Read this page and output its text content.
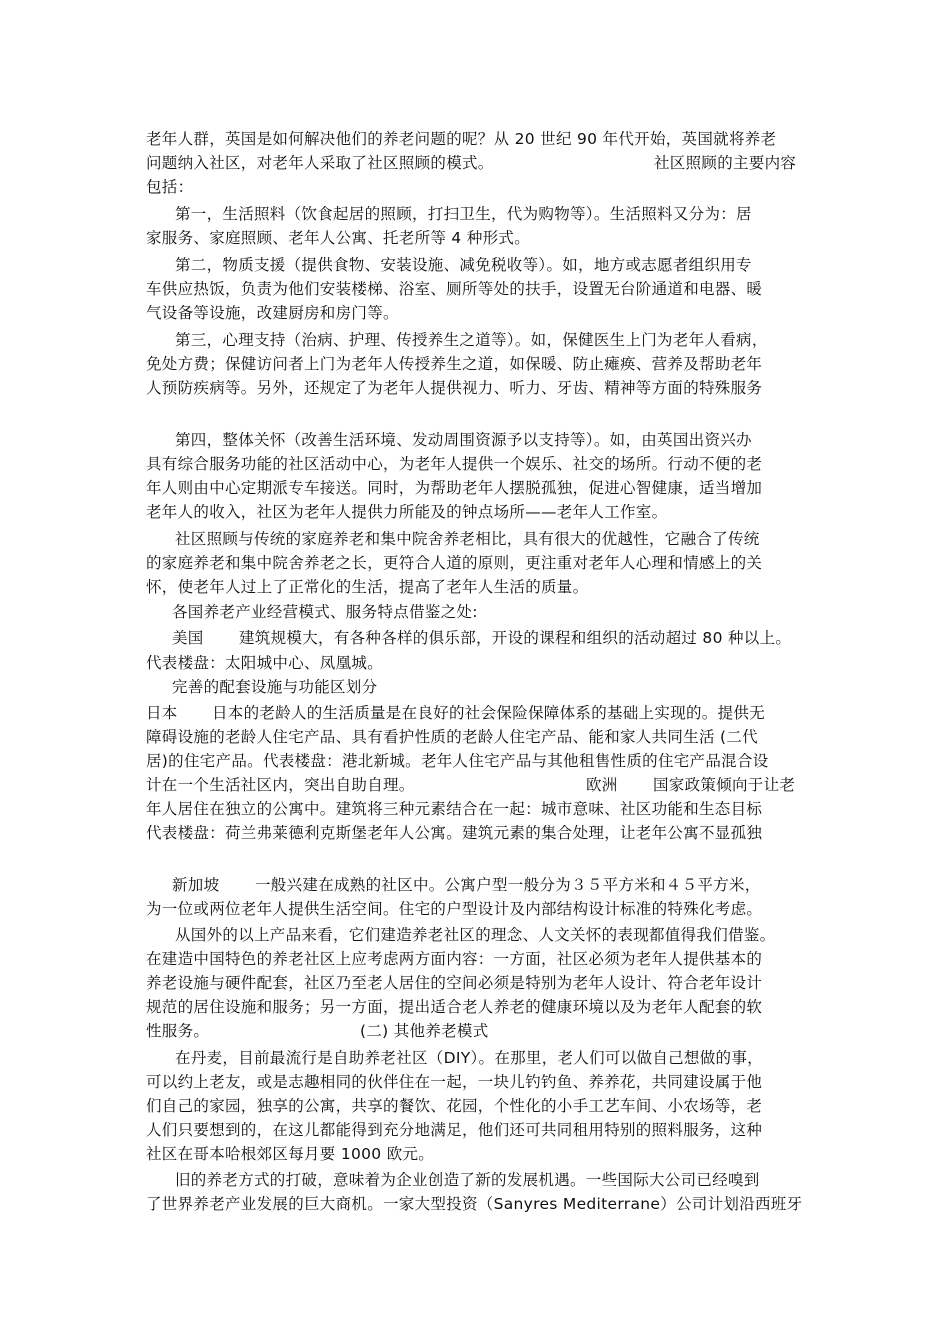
老年人群，英国是如何解决他们的养老问题的呢？从 20 世纪 90 年代开始，英国就将养老

问题纳入社区，对老年人采取了社区照顾的模式。	社区照顾的主要内容

包括：

第一，生活照料（饮食起居的照顾，打扫卫生，代为购物等）。生活照料又分为：居

家服务、家庭照顾、老年人公寓、托老所等 4 种形式。

第二，物质支援（提供食物、安装设施、减免税收等）。如，地方或志愿者组织用专

车供应热饭，负责为他们安装楼梯、浴室、厕所等处的扶手，设置无台阶通道和电器、暖

气设备等设施，改建厨房和房门等。

第三，心理支持（治病、护理、传授养生之道等）。如，保健医生上门为老年人看病，

免处方费；保健访问者上门为老年人传授养生之道，如保暖、防止瘫痪、营养及帮助老年

人预防疾病等。另外，还规定了为老年人提供视力、听力、牙齿、精神等方面的特殊服务

第四，整体关怀（改善生活环境、发动周围资源予以支持等）。如，由英国出资兴办

具有综合服务功能的社区活动中心，为老年人提供一个娱乐、社交的场所。行动不便的老

年人则由中心定期派专车接送。同时，为帮助老年人摆脱孤独，促进心智健康，适当增加

老年人的收入，社区为老年人提供力所能及的钟点场所——老年人工作室。

社区照顾与传统的家庭养老和集中院舍养老相比，具有很大的优越性，它融合了传统

的家庭养老和集中院舍养老之长，更符合人道的原则，更注重对老年人心理和情感上的关

怀，使老年人过上了正常化的生活，提高了老年人生活的质量。

各国养老产业经营模式、服务特点借鉴之处:

美国 建筑规模大，有各种各样的俱乐部，开设的课程和组织的活动超过 80 种以上。

代表楼盘：太阳城中心、凤凰城。

完善的配套设施与功能区划分

日本 日本的老龄人的生活质量是在良好的社会保险保障体系的基础上实现的。提供无

障碍设施的老龄人住宅产品、具有看护性质的老龄人住宅产品、能和家人共同生活 (二代

居)的住宅产品。代表楼盘：港北新城。老年人住宅产品与其他租售性质的住宅产品混合设

计在一个生活社区内，突出自助自理。	欧洲 国家政策倾向于让老

年人居住在独立的公寓中。建筑将三种元素结合在一起：城市意味、社区功能和生态目标

代表楼盘：荷兰弗莱德利克斯堡老年人公寓。建筑元素的集合处理，让老年公寓不显孤独

新加坡 一般兴建在成熟的社区中。公寓户型一般分为３５平方米和４５平方米，

为一位或两位老年人提供生活空间。住宅的户型设计及内部结构设计标准的特殊化考虑。

从国外的以上产品来看，它们建造养老社区的理念、人文关怀的表现都值得我们借鉴。

在建造中国特色的养老社区上应考虑两方面内容：一方面，社区必须为老年人提供基本的

养老设施与硬件配套，社区乃至老人居住的空间必须是特别为老年人设计、符合老年设计

规范的居住设施和服务；另一方面，提出适合老人养老的健康环境以及为老年人配套的软

性服务。	(二) 其他养老模式

在丹麦，目前最流行是自助养老社区（DIY）。在那里，老人们可以做自己想做的事，

可以约上老友，或是志趣相同的伙伴住在一起，一块儿钓钓鱼、养养花，共同建设属于他

们自己的家园，独享的公寓，共享的餐饮、花园，个性化的小手工艺车间、小农场等，老

人们只要想到的，在这儿都能得到充分地满足，他们还可共同租用特别的照料服务，这种

社区在哥本哈根郊区每月要 1000 欧元。

旧的养老方式的打破，意味着为企业创造了新的发展机遇。一些国际大公司已经嗅到

了世界养老产业发展的巨大商机。一家大型投资（Sanyres Mediterrane）公司计划沿西班牙
